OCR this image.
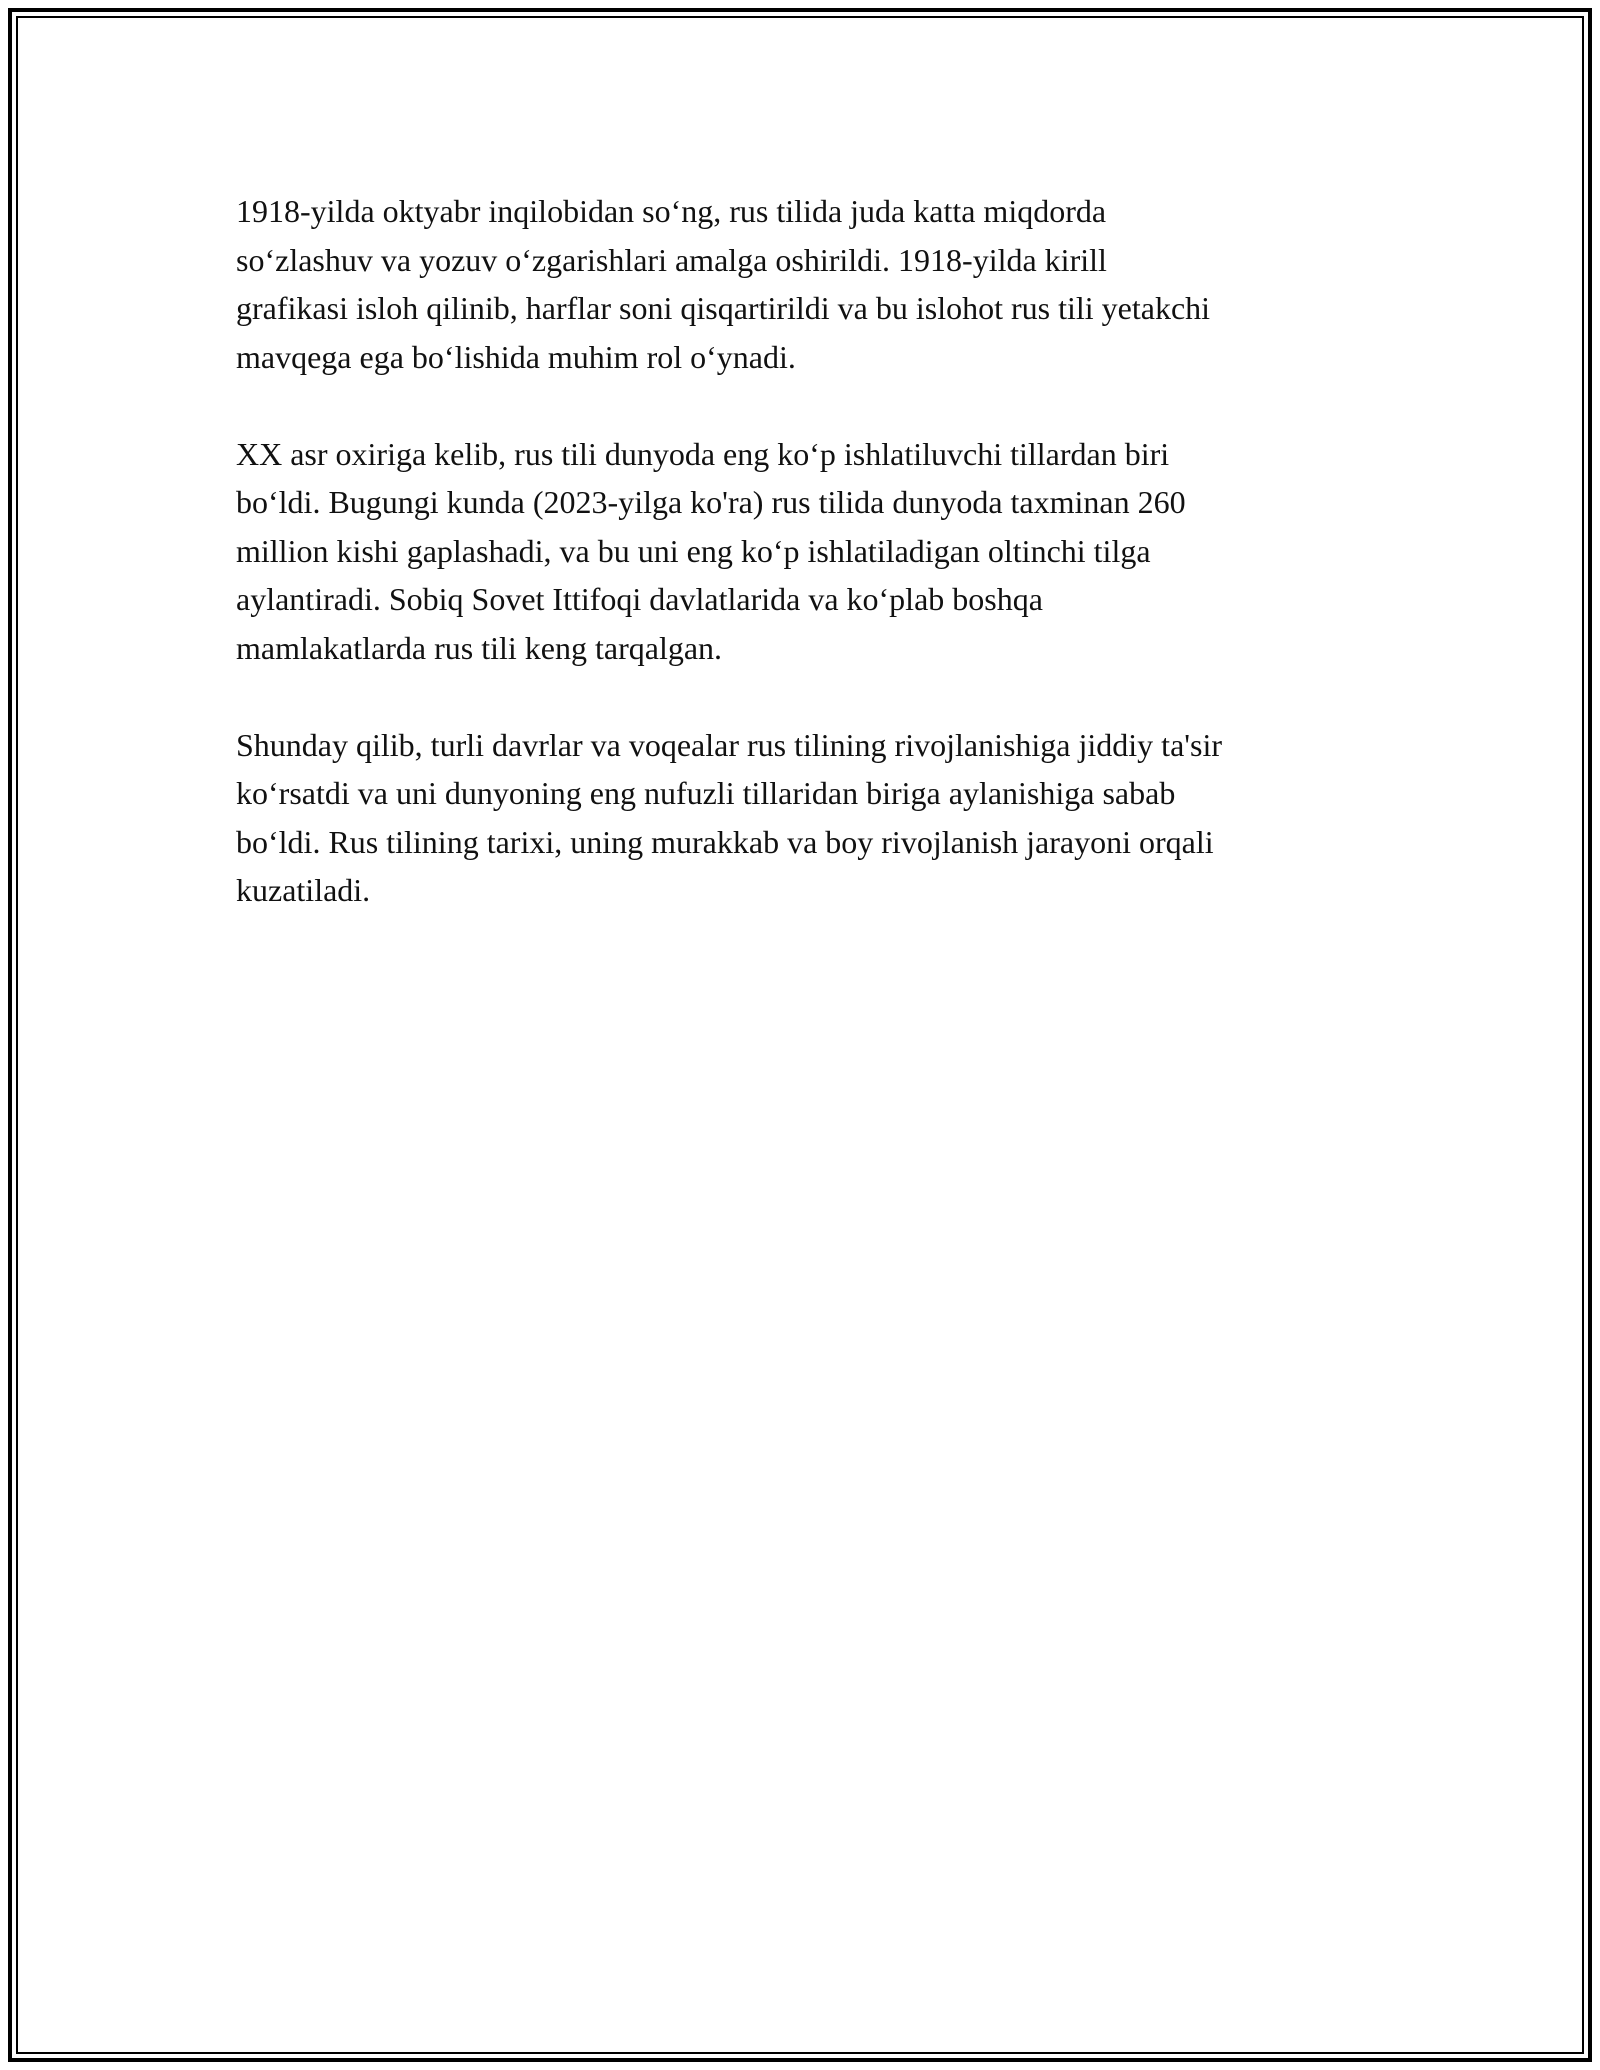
1918-yilda oktyabr inqilobidan so‘ng, rus tilida juda katta miqdorda
so‘zlashuv va yozuv o‘zgarishlari amalga oshirildi. 1918-yilda kirill
grafikasi isloh qilinib, harflar soni qisqartirildi va bu islohot rus tili yetakchi
mavqega ega bo‘lishida muhim rol o‘ynadi.

XX asr oxiriga kelib, rus tili dunyoda eng ko‘p ishlatiluvchi tillardan biri
bo‘ldi. Bugungi kunda (2023-yilga ko'ra) rus tilida dunyoda taxminan 260
million kishi gaplashadi, va bu uni eng ko‘p ishlatiladigan oltinchi tilga
aylantiradi. Sobiq Sovet Ittifoqi davlatlarida va ko‘plab boshqa
mamlakatlarda rus tili keng tarqalgan.

Shunday qilib, turli davrlar va voqealar rus tilining rivojlanishiga jiddiy ta'sir
ko‘rsatdi va uni dunyoning eng nufuzli tillaridan biriga aylanishiga sabab
bo‘ldi. Rus tilining tarixi, uning murakkab va boy rivojlanish jarayoni orqali
kuzatiladi.
